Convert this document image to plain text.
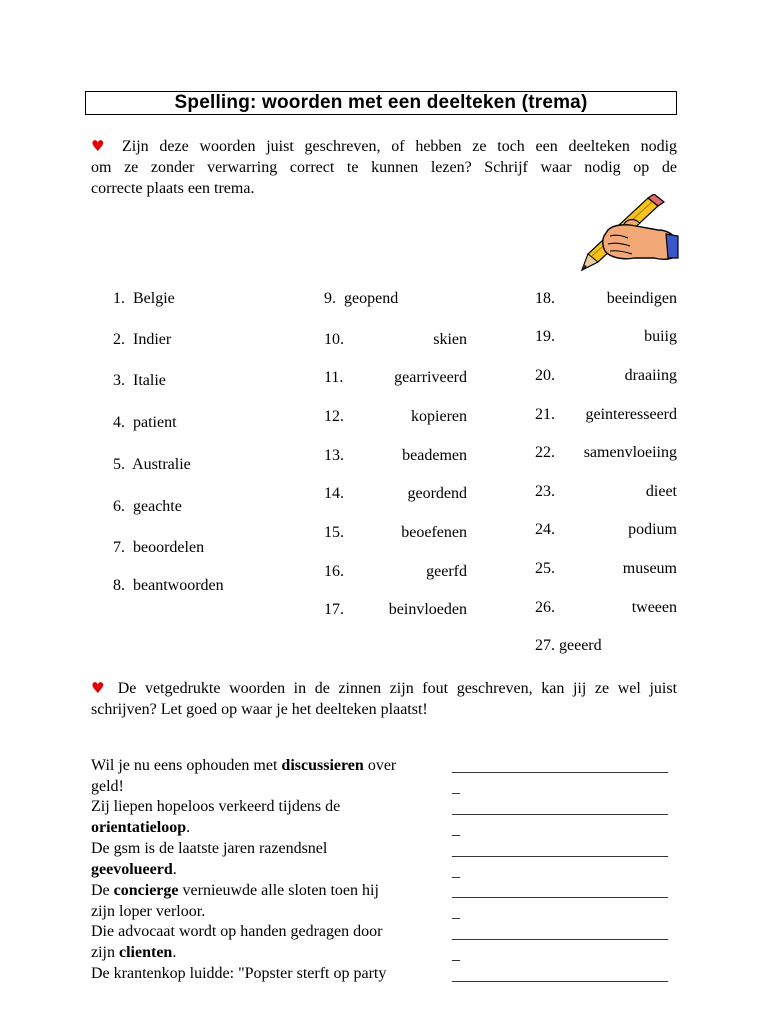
Spelling: woorden met een deelteken (trema)
♥ Zijn deze woorden juist geschreven, of hebben ze toch een deelteken nodig
om ze zonder verwarring correct te kunnen lezen? Schrijf waar nodig op de
correcte plaats een trema.
1. Belgie
2. Indier
3. Italie
4. patient
5. Australie
6. geachte
7. beoordelen
8. beantwoorden
9. geopend
10.	skien
11.	gearriveerd
12.	kopieren
13.	beademen
14.	geordend
15.	beoefenen
16.	geerfd
17.	beinvloeden
18.	beeindigen
19.	buiig
20.	draaiing
21. geinteresseerd
22. samenvloeiing
23.	dieet
24.	podium
25.	museum
26.	tweeen
27. geeerd
♥ De vetgedrukte woorden in de zinnen zijn fout geschreven, kan jij ze wel juist
schrijven? Let goed op waar je het deelteken plaatst!
Wil je nu eens ophouden met discussieren over
geld!
Zij liepen hopeloos verkeerd tijdens de
orientatieloop.
De gsm is de laatste jaren razendsnel
geevolueerd.
De concierge vernieuwde alle sloten toen hij
zijn loper verloor.
Die advocaat wordt op handen gedragen door
zijn clienten.
De krantenkop luidde: "Popster sterft op party
___________________________
_
___________________________
_
___________________________
_
___________________________
_
___________________________
_
___________________________
